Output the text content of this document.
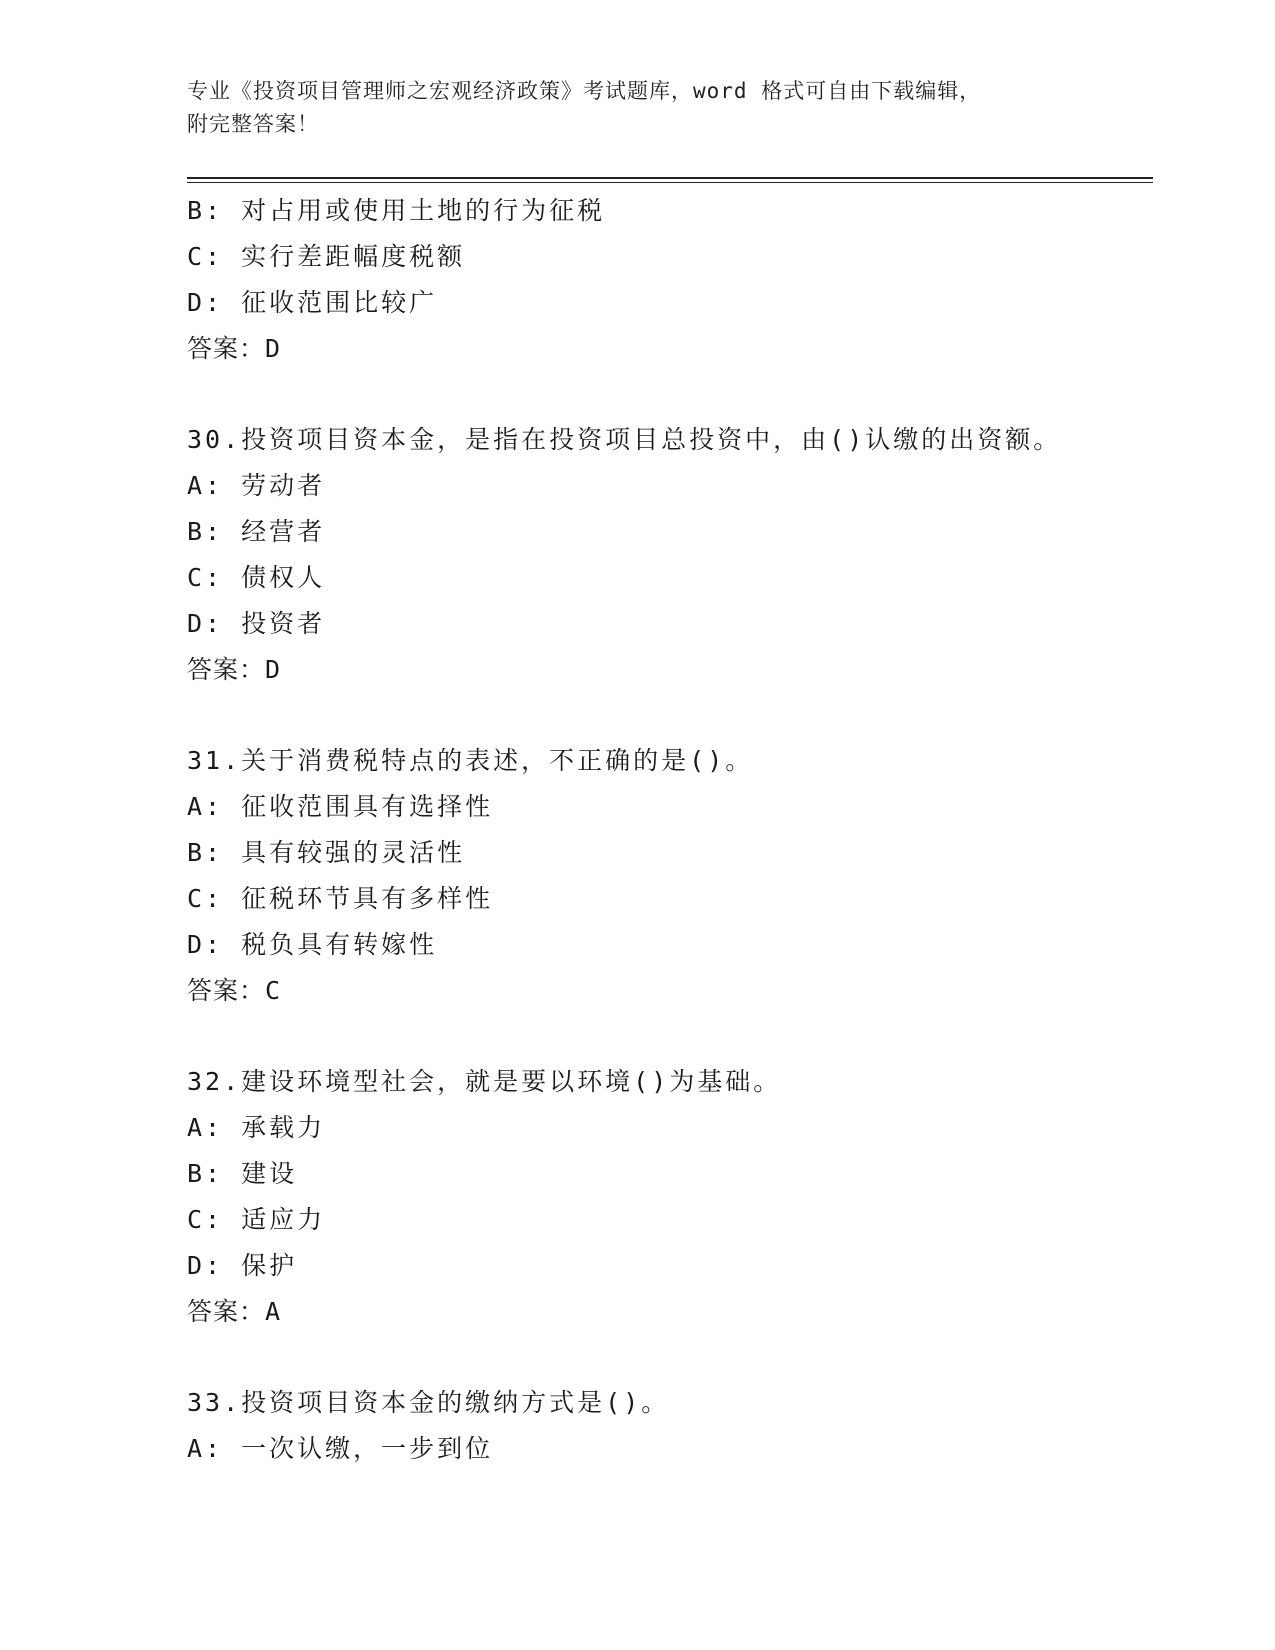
专业《投资项目管理师之宏观经济政策》考试题库，word 格式可自由下载编辑，
附完整答案！
B: 对占用或使用土地的行为征税
C: 实行差距幅度税额
D: 征收范围比较广
答案：D
30.投资项目资本金，是指在投资项目总投资中，由()认缴的出资额。
A: 劳动者
B: 经营者
C: 债权人
D: 投资者
答案：D
31.关于消费税特点的表述，不正确的是()。
A: 征收范围具有选择性
B: 具有较强的灵活性
C: 征税环节具有多样性
D: 税负具有转嫁性
答案：C
32.建设环境型社会，就是要以环境()为基础。
A: 承载力
B: 建设
C: 适应力
D: 保护
答案：A
33.投资项目资本金的缴纳方式是()。
A: 一次认缴，一步到位
